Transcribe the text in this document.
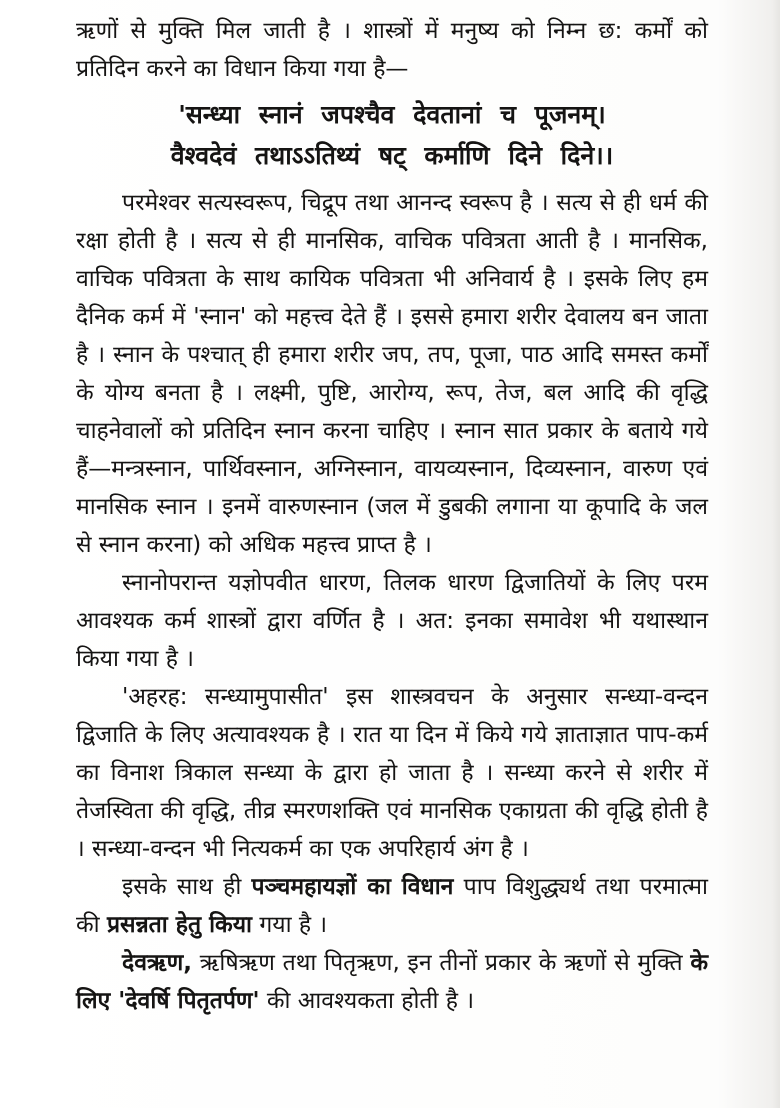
ऋणों से मुक्ति मिल जाती है । शास्त्रों में मनुष्य को निम्न छ: कर्मों को प्रतिदिन करने का विधान किया गया है—
'सन्ध्या स्नानं जपश्चैव देवतानां च पूजनम्।
वैश्वदेवं तथाऽऽतिथ्यं षट् कर्माणि दिने दिने।।

परमेश्वर सत्यस्वरूप, चिद्रूप तथा आनन्द स्वरूप है । सत्य से ही धर्म की रक्षा होती है । सत्य से ही मानसिक, वाचिक पवित्रता आती है । मानसिक, वाचिक पवित्रता के साथ कायिक पवित्रता भी अनिवार्य है । इसके लिए हम दैनिक कर्म में 'स्नान' को महत्त्व देते हैं । इससे हमारा शरीर देवालय बन जाता है । स्नान के पश्चात् ही हमारा शरीर जप, तप, पूजा, पाठ आदि समस्त कर्मों के योग्य बनता है । लक्ष्मी, पुष्टि, आरोग्य, रूप, तेज, बल आदि की वृद्धि चाहनेवालों को प्रतिदिन स्नान करना चाहिए । स्नान सात प्रकार के बताये गये हैं—मन्त्रस्नान, पार्थिवस्नान, अग्निस्नान, वायव्यस्नान, दिव्यस्नान, वारुण एवं मानसिक स्नान । इनमें वारुणस्नान (जल में डुबकी लगाना या कूपादि के जल से स्नान करना) को अधिक महत्त्व प्राप्त है ।

स्नानोपरान्त यज्ञोपवीत धारण, तिलक धारण द्विजातियों के लिए परम आवश्यक कर्म शास्त्रों द्वारा वर्णित है । अत: इनका समावेश भी यथास्थान किया गया है ।

'अहरह: सन्ध्यामुपासीत' इस शास्त्रवचन के अनुसार सन्ध्या-वन्दन द्विजाति के लिए अत्यावश्यक है । रात या दिन में किये गये ज्ञाताज्ञात पाप-कर्म का विनाश त्रिकाल सन्ध्या के द्वारा हो जाता है । सन्ध्या करने से शरीर में तेजस्विता की वृद्धि, तीव्र स्मरणशक्ति एवं मानसिक एकाग्रता की वृद्धि होती है । सन्ध्या-वन्दन भी नित्यकर्म का एक अपरिहार्य अंग है ।

इसके साथ ही पञ्चमहायज्ञों का विधान पाप विशुद्ध्यर्थ तथा परमात्मा की प्रसन्नता हेतु किया गया है ।

देवऋण, ऋषिऋण तथा पितृऋण, इन तीनों प्रकार के ऋणों से मुक्ति के लिए 'देवर्षि पितृतर्पण' की आवश्यकता होती है ।
